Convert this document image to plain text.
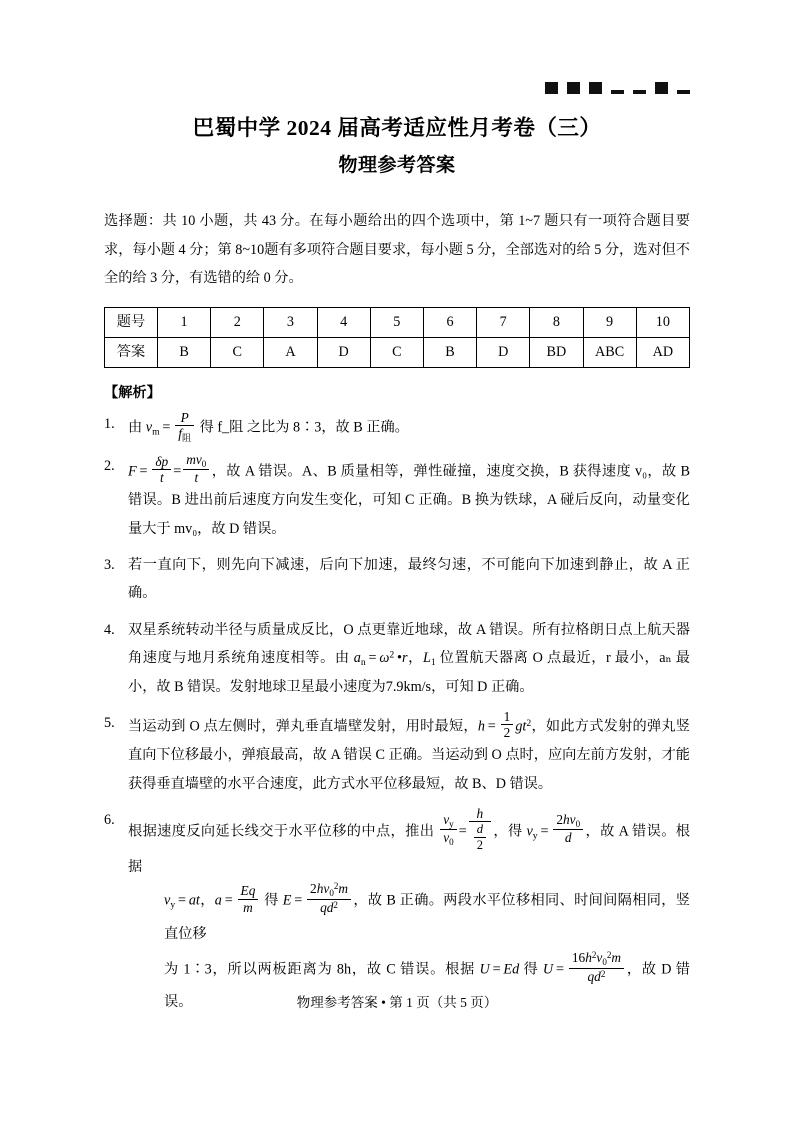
巴蜀中学 2024 届高考适应性月考卷（三）
物理参考答案

选择题：共 10 小题，共 43 分。在每小题给出的四个选项中，第 1~7 题只有一项符合题目要求，每小题 4 分；第 8~10题有多项符合题目要求，每小题 5 分，全部选对的给 5 分，选对但不全的给 3 分，有选错的给 0 分。

题号	1	2	3	4	5	6	7	8	9	10
答案	B	C	A	D	C	B	D	BD	ABC	AD
【解析】
1. 由 $v_m = \frac{P}{f_阻}$ 得 f_阻 之比为 8∶3，故 B 正确。
2. $F = \frac{\delta p}{t} = \frac{mv_0}{t}$ ，故 A 错误。A、B 质量相等，弹性碰撞，速度交换，B 获得速度 v₀，故 B 错误。B 进出前后速度方向发生变化，可知 C 正确。B 换为铁球，A 碰后反向，动量变化量大于 mv₀，故 D 错误。
3. 若一直向下，则先向下减速，后向下加速，最终匀速，不可能向下加速到静止，故 A 正确。
4. 双星系统转动半径与质量成反比，O 点更靠近地球，故 A 错误。所有拉格朗日点上航天器角速度与地月系统角速度相等。由 $a_n = \omega^2$ •r，$L_1$ 位置航天器离 O 点最近，r 最小，aₙ 最小，故 B 错误。发射地球卫星最小速度为7.9km/s，可知 D 正确。
5. 当运动到 O 点左侧时，弹丸垂直墙壁发射，用时最短，$h = \frac{1}{2} gt^2$，如此方式发射的弹丸竖直向下位移最小，弹痕最高，故 A 错误 C 正确。当运动到 O 点时，应向左前方发射，才能获得垂直墙壁的水平合速度，此方式水平位移最短，故 B、D 错误。
6.
根据速度反向延长线交于水平位移的中点，推出 $\frac{v_y}{v_0} = \frac{h}{\frac{d}{2}}$ ，得 $v_y = \frac{2hv_0}{d}$ ，故 A 错误。根据
$v_y$ = at，$a = \frac{Eq}{m}$ 得 $E = \frac{2hv_0^2m}{qd^2}$ ，故 B 正确。两段水平位移相同、时间间隔相同，竖直位移
为 1∶3，所以两板距离为 8h，故 C 错误。根据 U = Ed 得 $U = \frac{16h^2v_0^2m}{qd^2}$ ，故 D 错误。	物理参考答案 • 第 1 页（共 5 页）
